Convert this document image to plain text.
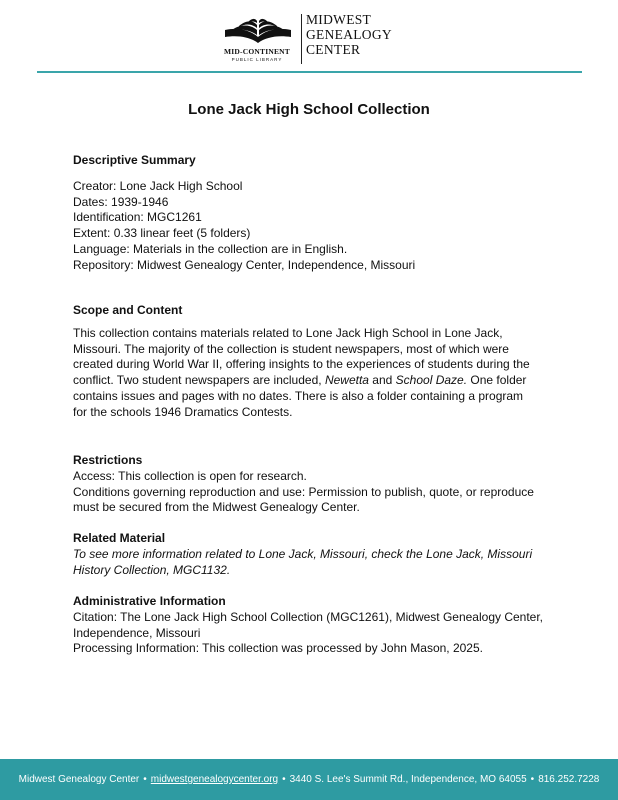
MID-CONTINENT
PUBLIC LIBRARY
MIDWEST
GENEALOGY
CENTER
Lone Jack High School Collection
Descriptive Summary
Creator: Lone Jack High School
Dates: 1939-1946
Identification: MGC1261
Extent: 0.33 linear feet (5 folders)
Language: Materials in the collection are in English.
Repository: Midwest Genealogy Center, Independence, Missouri
Scope and Content
This collection contains materials related to Lone Jack High School in Lone Jack,
Missouri. The majority of the collection is student newspapers, most of which were
created during World War II, offering insights to the experiences of students during the
conflict. Two student newspapers are included, Newetta and School Daze. One folder
contains issues and pages with no dates. There is also a folder containing a program
for the schools 1946 Dramatics Contests.
Restrictions
Access: This collection is open for research.
Conditions governing reproduction and use: Permission to publish, quote, or reproduce
must be secured from the Midwest Genealogy Center.
Related Material
To see more information related to Lone Jack, Missouri, check the Lone Jack, Missouri
History Collection, MGC1132.
Administrative Information
Citation: The Lone Jack High School Collection (MGC1261), Midwest Genealogy Center,
Independence, Missouri
Processing Information: This collection was processed by John Mason, 2025.
Midwest Genealogy Center • midwestgenealogycenter.org • 3440 S. Lee's Summit Rd., Independence, MO 64055 • 816.252.7228
